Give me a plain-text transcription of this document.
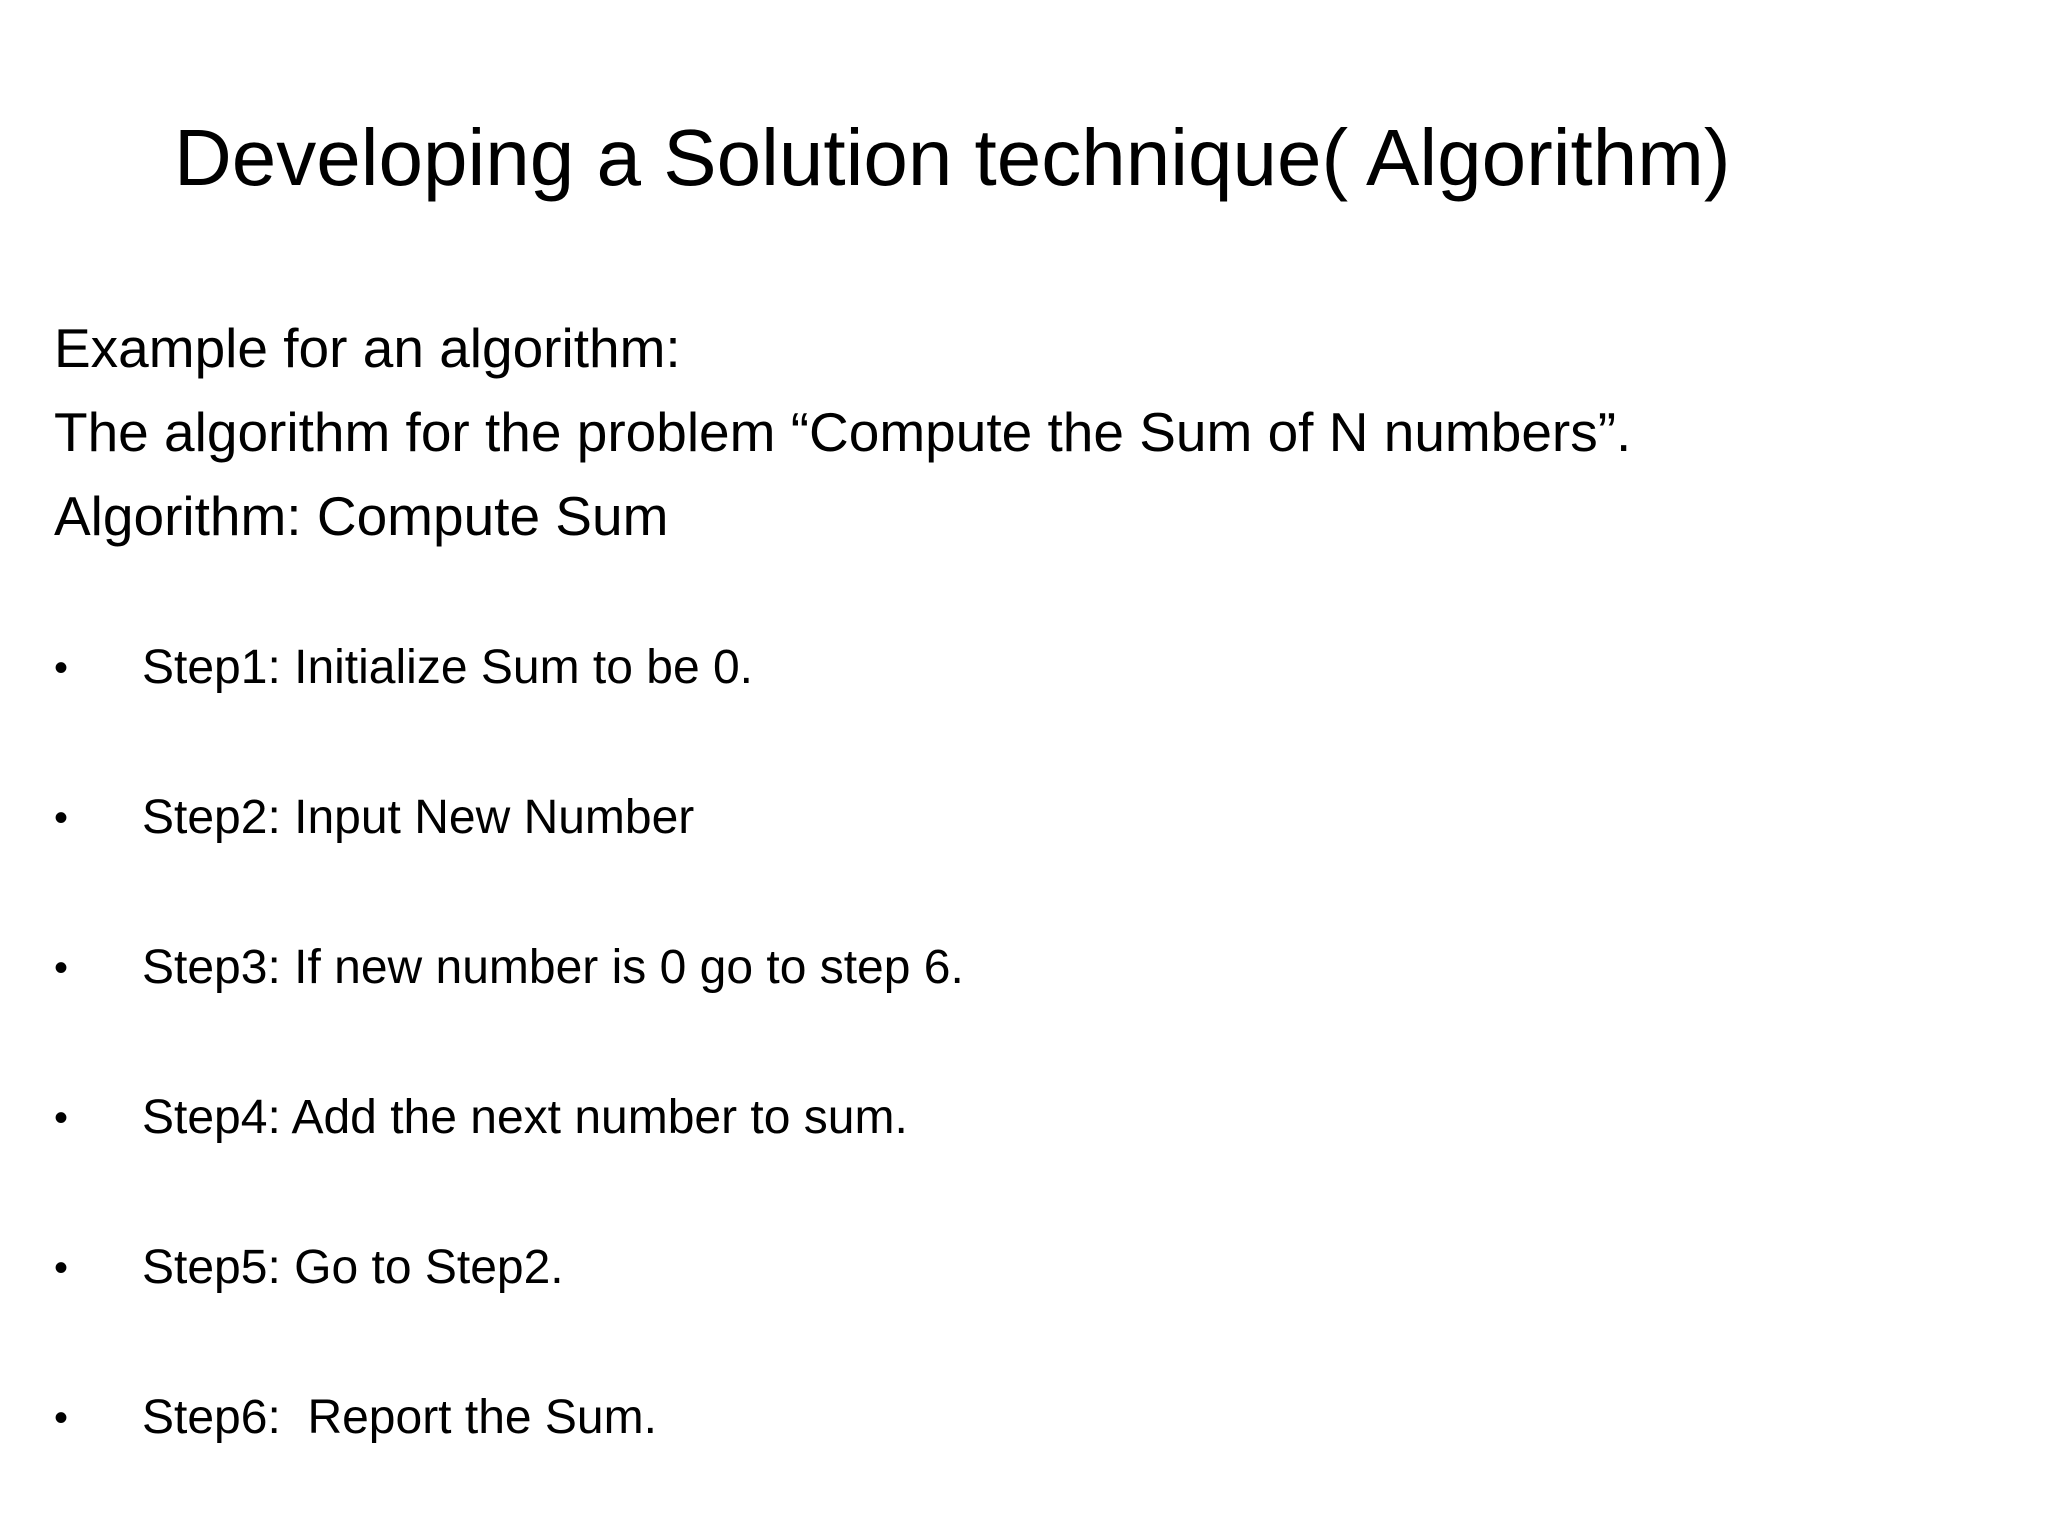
Developing a Solution technique( Algorithm)
Example for an algorithm:
The algorithm for the problem “Compute the Sum of N numbers”.
Algorithm: Compute Sum

•

Step1: Initialize Sum to be 0.

•

Step2: Input New Number

•

Step3: If new number is 0 go to step 6.

•

Step4: Add the next number to sum.

•

Step5: Go to Step2.

•

Step6:  Report the Sum.
